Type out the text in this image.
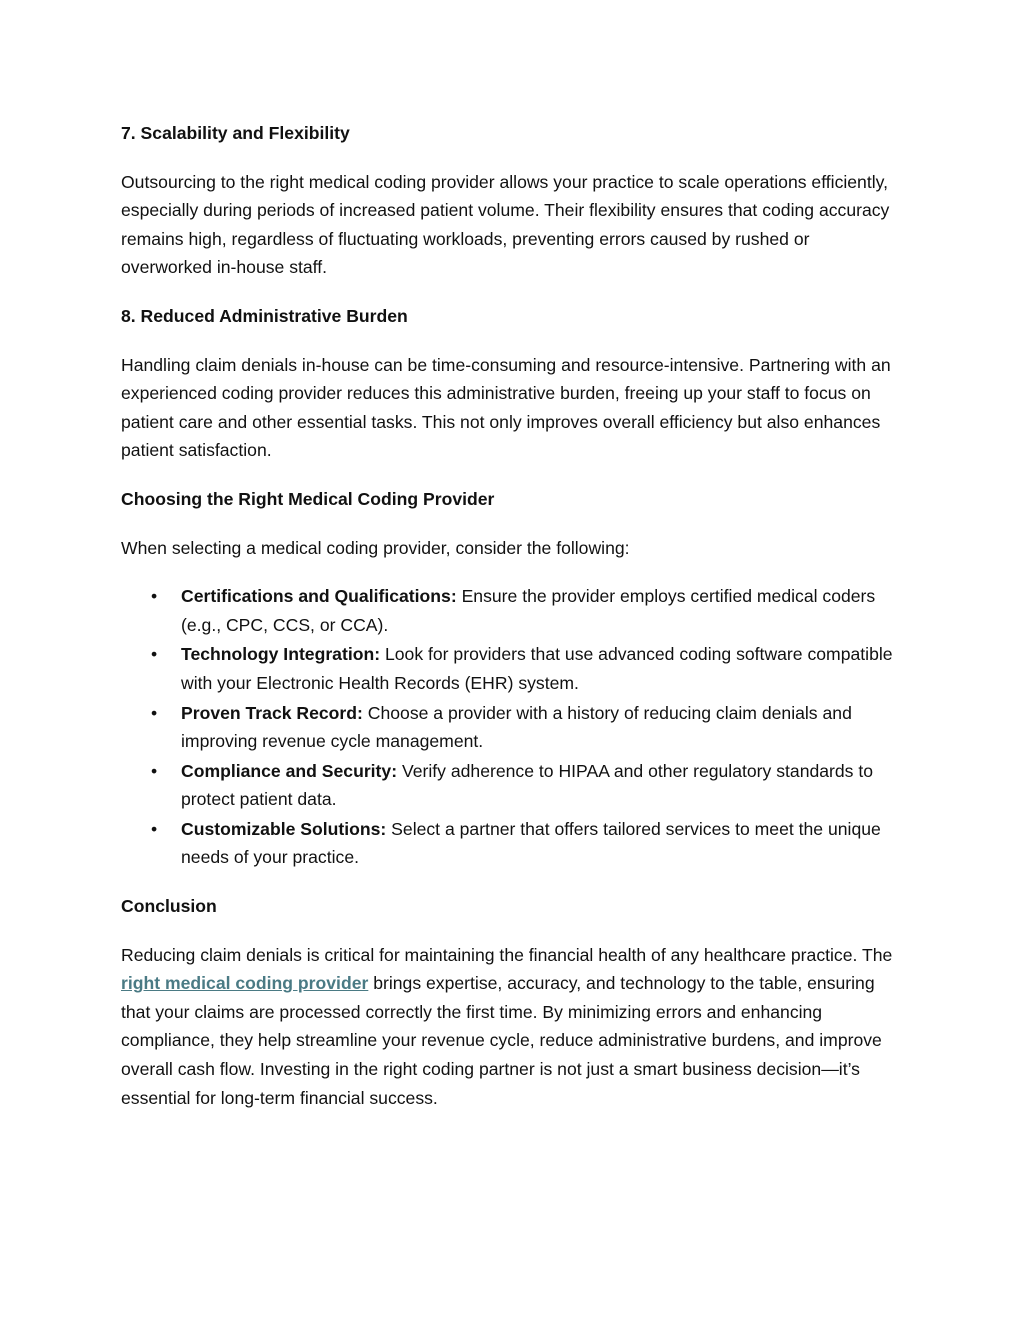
7. Scalability and Flexibility

Outsourcing to the right medical coding provider allows your practice to scale operations efficiently, especially during periods of increased patient volume. Their flexibility ensures that coding accuracy remains high, regardless of fluctuating workloads, preventing errors caused by rushed or overworked in-house staff.

8. Reduced Administrative Burden

Handling claim denials in-house can be time-consuming and resource-intensive. Partnering with an experienced coding provider reduces this administrative burden, freeing up your staff to focus on patient care and other essential tasks. This not only improves overall efficiency but also enhances patient satisfaction.

Choosing the Right Medical Coding Provider

When selecting a medical coding provider, consider the following:

• Certifications and Qualifications: Ensure the provider employs certified medical coders (e.g., CPC, CCS, or CCA).
• Technology Integration: Look for providers that use advanced coding software compatible with your Electronic Health Records (EHR) system.
• Proven Track Record: Choose a provider with a history of reducing claim denials and improving revenue cycle management.
• Compliance and Security: Verify adherence to HIPAA and other regulatory standards to protect patient data.
• Customizable Solutions: Select a partner that offers tailored services to meet the unique needs of your practice.
Conclusion

Reducing claim denials is critical for maintaining the financial health of any healthcare practice. The right medical coding provider brings expertise, accuracy, and technology to the table, ensuring that your claims are processed correctly the first time. By minimizing errors and enhancing compliance, they help streamline your revenue cycle, reduce administrative burdens, and improve overall cash flow. Investing in the right coding partner is not just a smart business decision—it’s essential for long-term financial success.
